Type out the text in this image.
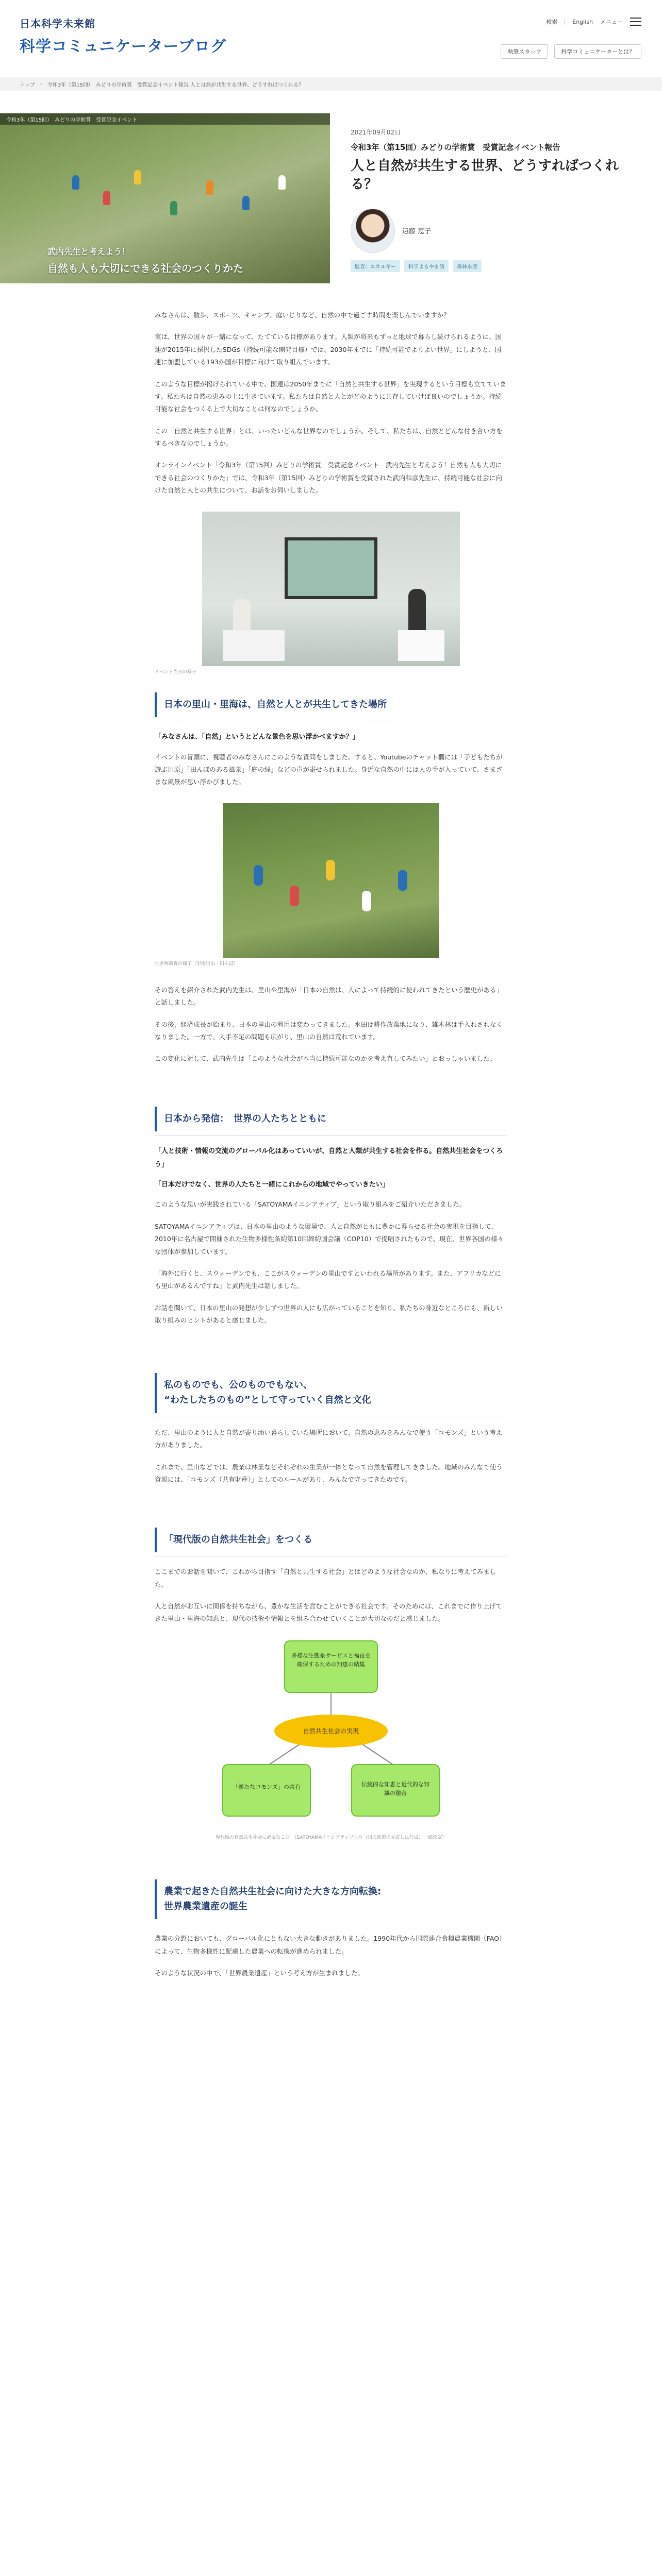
日本科学未来館
科学コミュニケーターブログ
検索	English メニュー
執筆スタッフ	科学コミュニケーターとは？
トップ › 令和3年（第15回）　みどりの学術賞　受賞記念イベント報告 人と自然が共生する世界、どうすればつくれる？
令和3年（第15回）　みどりの学術賞　受賞記念イベント
武内先生と考えよう！
自然も人も大切にできる社会のつくりかた
2021年09月02日
令和3年（第15回）みどりの学術賞　受賞記念イベント報告
人と自然が共生する世界、どうすればつくれる？
遠藤 恵子
監査：エネルギー	科学よもやま話	森林水産

みなさんは、散歩、スポーツ、キャンプ、庭いじりなど、自然の中で過ごす時間を楽しんでいますか？

実は、世界の国々が一緒になって、たてている目標があります。人類が将来もずっと地球で暮らし続けられるように、国連が2015年に採択したSDGs（持続可能な開発目標）では、2030年までに「持続可能でよりよい世界」にしようと、国連に加盟している193か国が目標に向けて取り組んでいます。

このような目標が掲げられている中で、国連は2050年までに「自然と共生する世界」を実現するという目標も立てています。私たちは自然の恵みの上に生きています。私たちは自然と人とがどのように共存していけば良いのでしょうか。持続可能な社会をつくる上で大切なことは何なのでしょうか。

この「自然と共生する世界」とは、いったいどんな世界なのでしょうか。そして、私たちは、自然とどんな付き合い方をするべきなのでしょうか。

オンラインイベント「令和3年（第15回）みどりの学術賞　受賞記念イベント　武内先生と考えよう！自然も人も大切にできる社会のつくりかた」では、令和3年（第15回）みどりの学術賞を受賞された武内和彦先生に、持続可能な社会に向けた自然と人との共生について、お話をお伺いしました。

イベント当日の様子
日本の里山・里海は、自然と人とが共生してきた場所

「みなさんは、「自然」というとどんな景色を思い浮かべますか？」

イベントの冒頭に、視聴者のみなさんにこのような質問をしました。すると、Youtubeのチャット欄には「子どもたちが遊ぶ川原」「田んぼのある風景」「庭の緑」などの声が寄せられました。身近な自然の中には人の手が入っていて、さまざまな風景が思い浮かびました。

生き物調査の様子（里地里山・田んぼ）

その答えを紹介された武内先生は、里山や里海が「日本の自然は、人によって持続的に使われてきたという歴史がある」と話しました。

その後、経済成長が始まり、日本の里山の利用は変わってきました。水田は耕作放棄地になり、雑木林は手入れされなくなりました。一方で、人手不足の問題も広がり、里山の自然は荒れています。

この変化に対して、武内先生は「このような社会が本当に持続可能なのかを考え直してみたい」とおっしゃいました。

日本から発信：　世界の人たちとともに

「人と技術・情報の交流のグローバル化はあっていいが、自然と人類が共生する社会を作る。自然共生社会をつくろう」

「日本だけでなく、世界の人たちと一緒にこれからの地域でやっていきたい」

このような思いが実践されている「SATOYAMAイニシアティブ」という取り組みをご紹介いただきました。

SATOYAMAイニシアティブは、日本の里山のような環境で、人と自然がともに豊かに暮らせる社会の実現を目指して、2010年に名古屋で開催された生物多様性条約第10回締約国会議（COP10）で提唱されたもので、現在、世界各国の様々な団体が参加しています。

「海外に行くと、スウェーデンでも、ここがスウェーデンの里山ですといわれる場所があります。また、アフリカなどにも里山があるんですね」と武内先生は話しました。

お話を聞いて、日本の里山の発想が少しずつ世界の人にも広がっていることを知り、私たちの身近なところにも、新しい取り組みのヒントがあると感じました。

私のものでも、公のものでもない、
“わたしたちのもの”として守っていく自然と文化

ただ、里山のように人と自然が寄り添い暮らしていた場所において、自然の恵みをみんなで使う「コモンズ」という考え方がありました。

これまで、里山などでは、農業は林業などそれぞれの生業が一体となって自然を管理してきました。地域のみんなで使う資源には、「コモンズ（共有財産）」としてのルールがあり、みんなで守ってきたのです。

「現代版の自然共生社会」をつくる

ここまでのお話を聞いて、これから目指す「自然と共生する社会」とはどのような社会なのか、私なりに考えてみました。

人と自然がお互いに関係を持ちながら、豊かな生活を営むことができる社会です。そのためには、これまでに作り上げてきた里山・里海の知恵と、現代の技術や情報とを組み合わせていくことが大切なのだと感じました。

多様な生態系サービスと福祉を確保するための知恵の結集
自然共生社会の実現
「新たなコモンズ」の共有	伝統的な知恵と近代的な知識の融合
現代版の自然共生社会に必要なこと　（SATOYAMAイニシアティブより（国の政策の見直しに作成）一部改変）
農業で起きた自然共生社会に向けた大きな方向転換:
世界農業遺産の誕生

農業の分野においても、グローバル化にともない大きな動きがありました。1990年代から国際連合食糧農業機関（FAO）によって、生物多様性に配慮した農業への転換が進められました。

そのような状況の中で、「世界農業遺産」という考え方が生まれました。
